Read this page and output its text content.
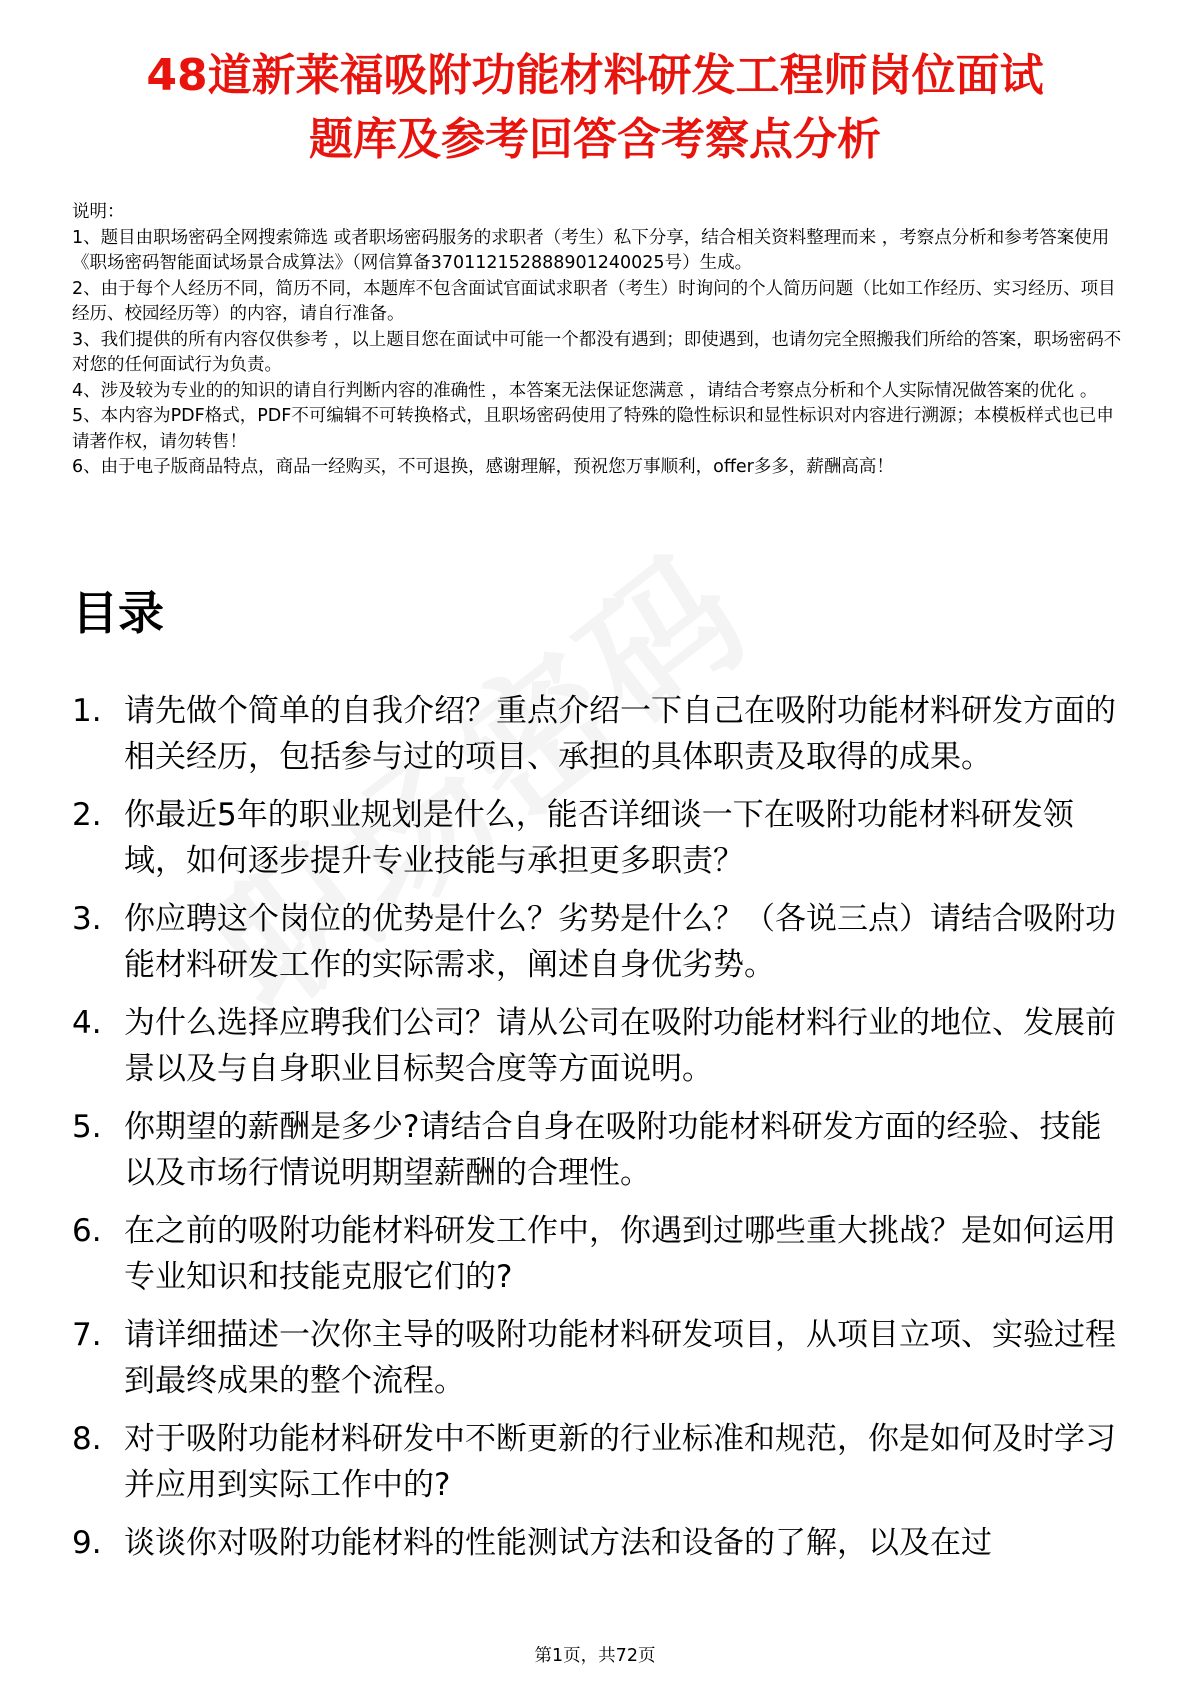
48道新莱福吸附功能材料研发工程师岗位面试
题库及参考回答含考察点分析

说明：

1、题目由职场密码全网搜索筛选 或者职场密码服务的求职者（考生）私下分享，结合相关资料整理而来 ，考察点分析和参考答案使用《职场密码智能面试场景合成算法》（网信算备370112152888901240025号）生成。

2、由于每个人经历不同，简历不同，本题库不包含面试官面试求职者（考生）时询问的个人简历问题（比如工作经历、实习经历、项目经历、校园经历等）的内容，请自行准备。

3、我们提供的所有内容仅供参考 ，以上题目您在面试中可能一个都没有遇到；即使遇到，也请勿完全照搬我们所给的答案，职场密码不对您的任何面试行为负责。

4、涉及较为专业的的知识的请自行判断内容的准确性 ，本答案无法保证您满意 ，请结合考察点分析和个人实际情况做答案的优化 。

5、本内容为PDF格式，PDF不可编辑不可转换格式，且职场密码使用了特殊的隐性标识和显性标识对内容进行溯源；本模板样式也已申请著作权，请勿转售！

6、由于电子版商品特点，商品一经购买，不可退换，感谢理解，预祝您万事顺利，offer多多，薪酬高高！

目录
1. 请先做个简单的自我介绍？重点介绍一下自己在吸附功能材料研发方面的相关经历，包括参与过的项目、承担的具体职责及取得的成果。
2. 你最近5年的职业规划是什么，能否详细谈一下在吸附功能材料研发领域，如何逐步提升专业技能与承担更多职责？
3. 你应聘这个岗位的优势是什么？劣势是什么？（各说三点）请结合吸附功能材料研发工作的实际需求，阐述自身优劣势。
4. 为什么选择应聘我们公司？请从公司在吸附功能材料行业的地位、发展前景以及与自身职业目标契合度等方面说明。
5. 你期望的薪酬是多少?请结合自身在吸附功能材料研发方面的经验、技能以及市场行情说明期望薪酬的合理性。
6. 在之前的吸附功能材料研发工作中，你遇到过哪些重大挑战？是如何运用专业知识和技能克服它们的?
7. 请详细描述一次你主导的吸附功能材料研发项目，从项目立项、实验过程到最终成果的整个流程。
8. 对于吸附功能材料研发中不断更新的行业标准和规范，你是如何及时学习并应用到实际工作中的?
9. 谈谈你对吸附功能材料的性能测试方法和设备的了解，以及在过
第1页，共72页
